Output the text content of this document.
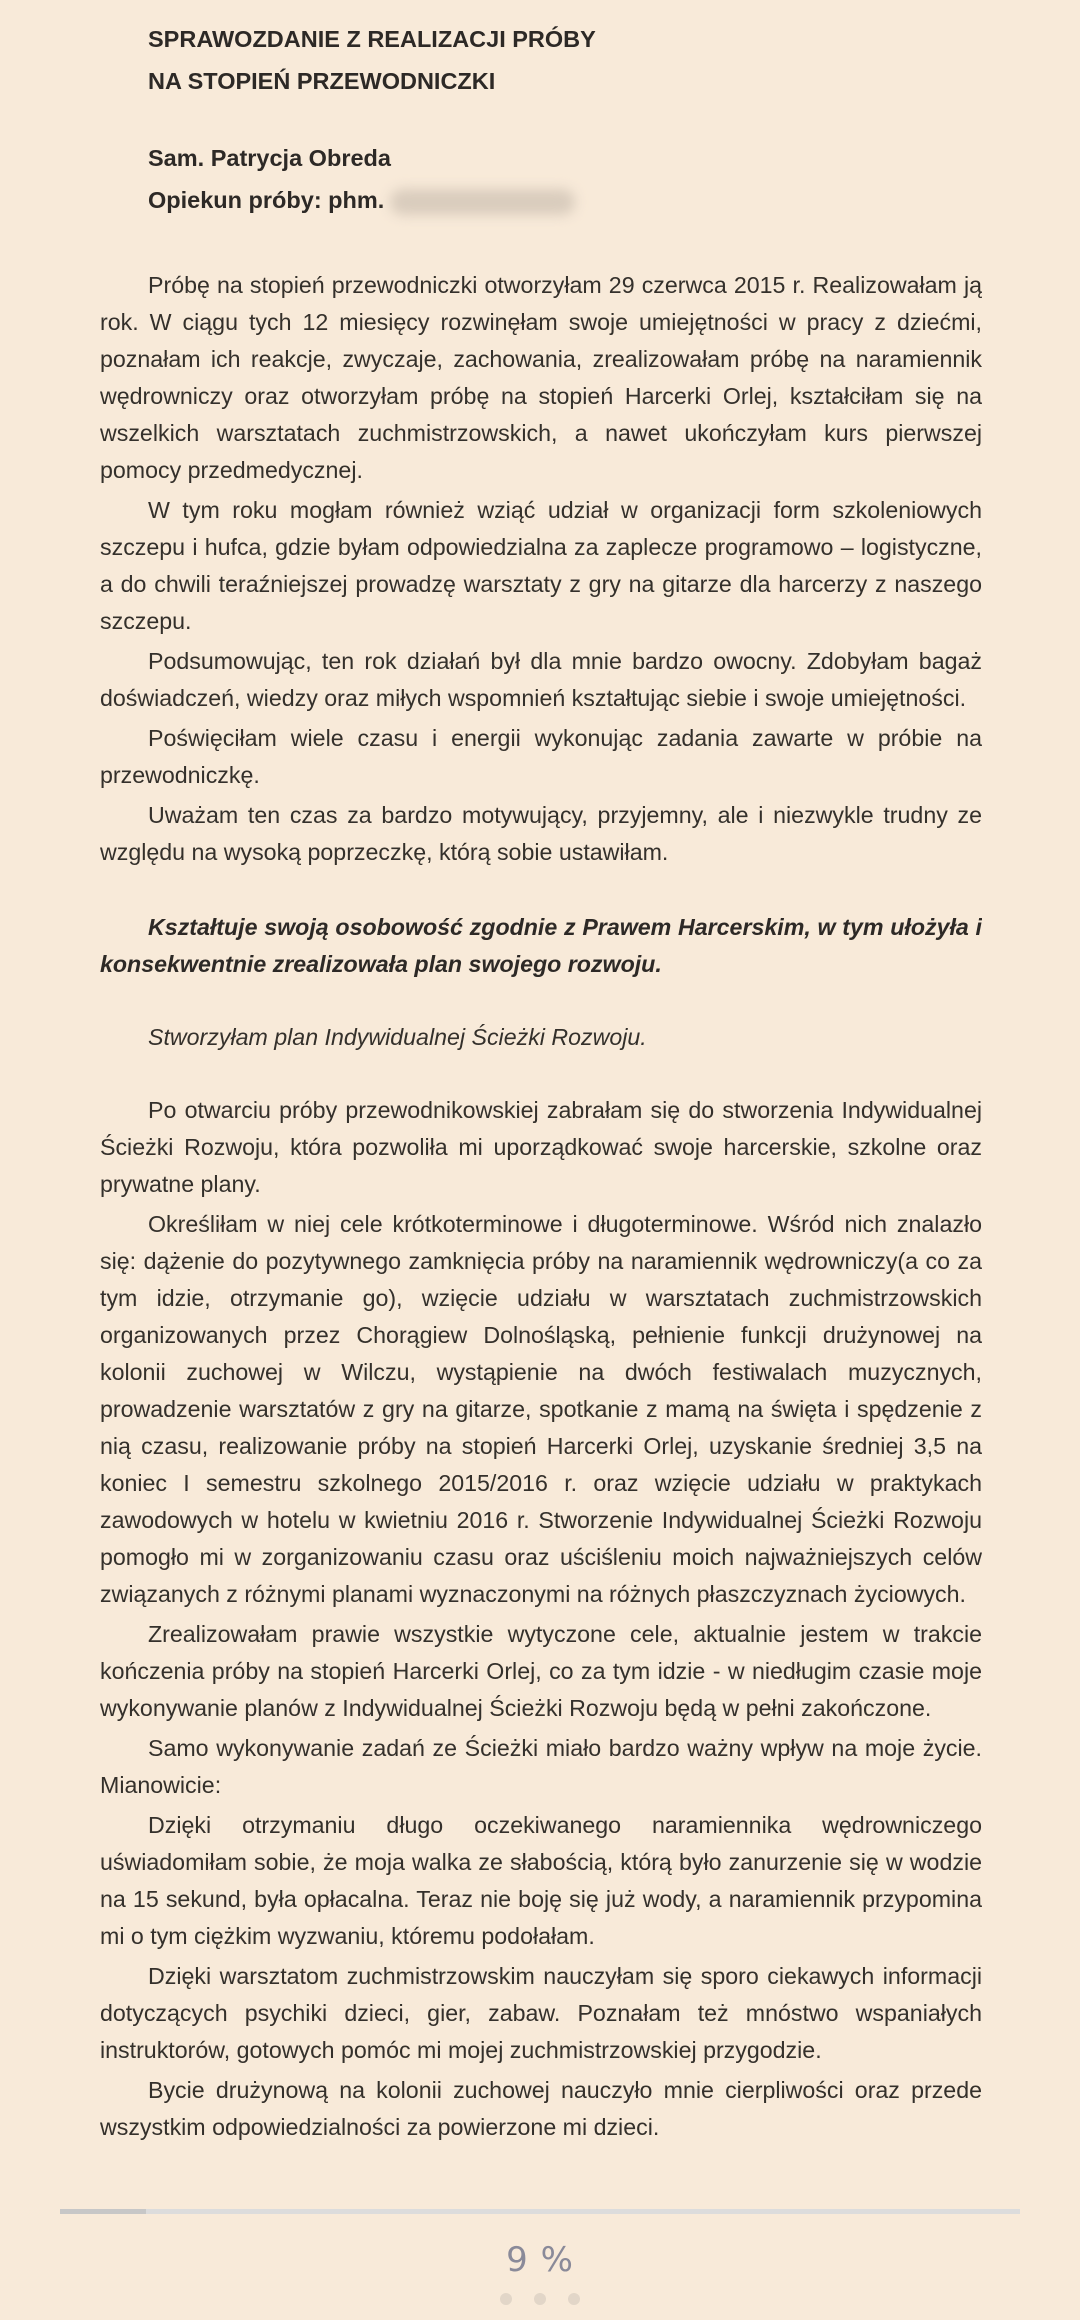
SPRAWOZDANIE Z REALIZACJI PRÓBY
NA STOPIEŃ PRZEWODNICZKI
Sam. Patrycja Obreda
Opiekun próby: phm.

Próbę na stopień przewodniczki otworzyłam 29 czerwca 2015 r. Realizowałam ją rok. W ciągu tych 12 miesięcy rozwinęłam swoje umiejętności w pracy z dziećmi, poznałam ich reakcje, zwyczaje, zachowania, zrealizowałam próbę na naramiennik wędrowniczy oraz otworzyłam próbę na stopień Harcerki Orlej, kształciłam się na wszelkich warsztatach zuchmistrzowskich, a nawet ukończyłam kurs pierwszej pomocy przedmedycznej.

W tym roku mogłam również wziąć udział w organizacji form szkoleniowych szczepu i hufca, gdzie byłam odpowiedzialna za zaplecze programowo – logistyczne, a do chwili teraźniejszej prowadzę warsztaty z gry na gitarze dla harcerzy z naszego szczepu.

Podsumowując, ten rok działań był dla mnie bardzo owocny. Zdobyłam bagaż doświadczeń, wiedzy oraz miłych wspomnień kształtując siebie i swoje umiejętności.

Poświęciłam wiele czasu i energii wykonując zadania zawarte w próbie na przewodniczkę.

Uważam ten czas za bardzo motywujący, przyjemny, ale i niezwykle trudny ze względu na wysoką poprzeczkę, którą sobie ustawiłam.

Kształtuje swoją osobowość zgodnie z Prawem Harcerskim, w tym ułożyła i konsekwentnie zrealizowała plan swojego rozwoju.

Stworzyłam plan Indywidualnej Ścieżki Rozwoju.

Po otwarciu próby przewodnikowskiej zabrałam się do stworzenia Indywidualnej Ścieżki Rozwoju, która pozwoliła mi uporządkować swoje harcerskie, szkolne oraz prywatne plany.

Określiłam w niej cele krótkoterminowe i długoterminowe. Wśród nich znalazło się: dążenie do pozytywnego zamknięcia próby na naramiennik wędrowniczy(a co za tym idzie, otrzymanie go), wzięcie udziału w warsztatach zuchmistrzowskich organizowanych przez Chorągiew Dolnośląską, pełnienie funkcji drużynowej na kolonii zuchowej w Wilczu, wystąpienie na dwóch festiwalach muzycznych, prowadzenie warsztatów z gry na gitarze, spotkanie z mamą na święta i spędzenie z nią czasu, realizowanie próby na stopień Harcerki Orlej, uzyskanie średniej 3,5 na koniec I semestru szkolnego 2015/2016 r. oraz wzięcie udziału w praktykach zawodowych w hotelu w kwietniu 2016 r. Stworzenie Indywidualnej Ścieżki Rozwoju pomogło mi w zorganizowaniu czasu oraz uściśleniu moich najważniejszych celów związanych z różnymi planami wyznaczonymi na różnych płaszczyznach życiowych.

Zrealizowałam prawie wszystkie wytyczone cele, aktualnie jestem w trakcie kończenia próby na stopień Harcerki Orlej, co za tym idzie - w niedługim czasie moje wykonywanie planów z Indywidualnej Ścieżki Rozwoju będą w pełni zakończone.

Samo wykonywanie zadań ze Ścieżki miało bardzo ważny wpływ na moje życie. Mianowicie:

Dzięki otrzymaniu długo oczekiwanego naramiennika wędrowniczego uświadomiłam sobie, że moja walka ze słabością, którą było zanurzenie się w wodzie na 15 sekund, była opłacalna. Teraz nie boję się już wody, a naramiennik przypomina mi o tym ciężkim wyzwaniu, któremu podołałam.

Dzięki warsztatom zuchmistrzowskim nauczyłam się sporo ciekawych informacji dotyczących psychiki dzieci, gier, zabaw. Poznałam też mnóstwo wspaniałych instruktorów, gotowych pomóc mi mojej zuchmistrzowskiej przygodzie.

Bycie drużynową na kolonii zuchowej nauczyło mnie cierpliwości oraz przede wszystkim odpowiedzialności za powierzone mi dzieci.

9 %
